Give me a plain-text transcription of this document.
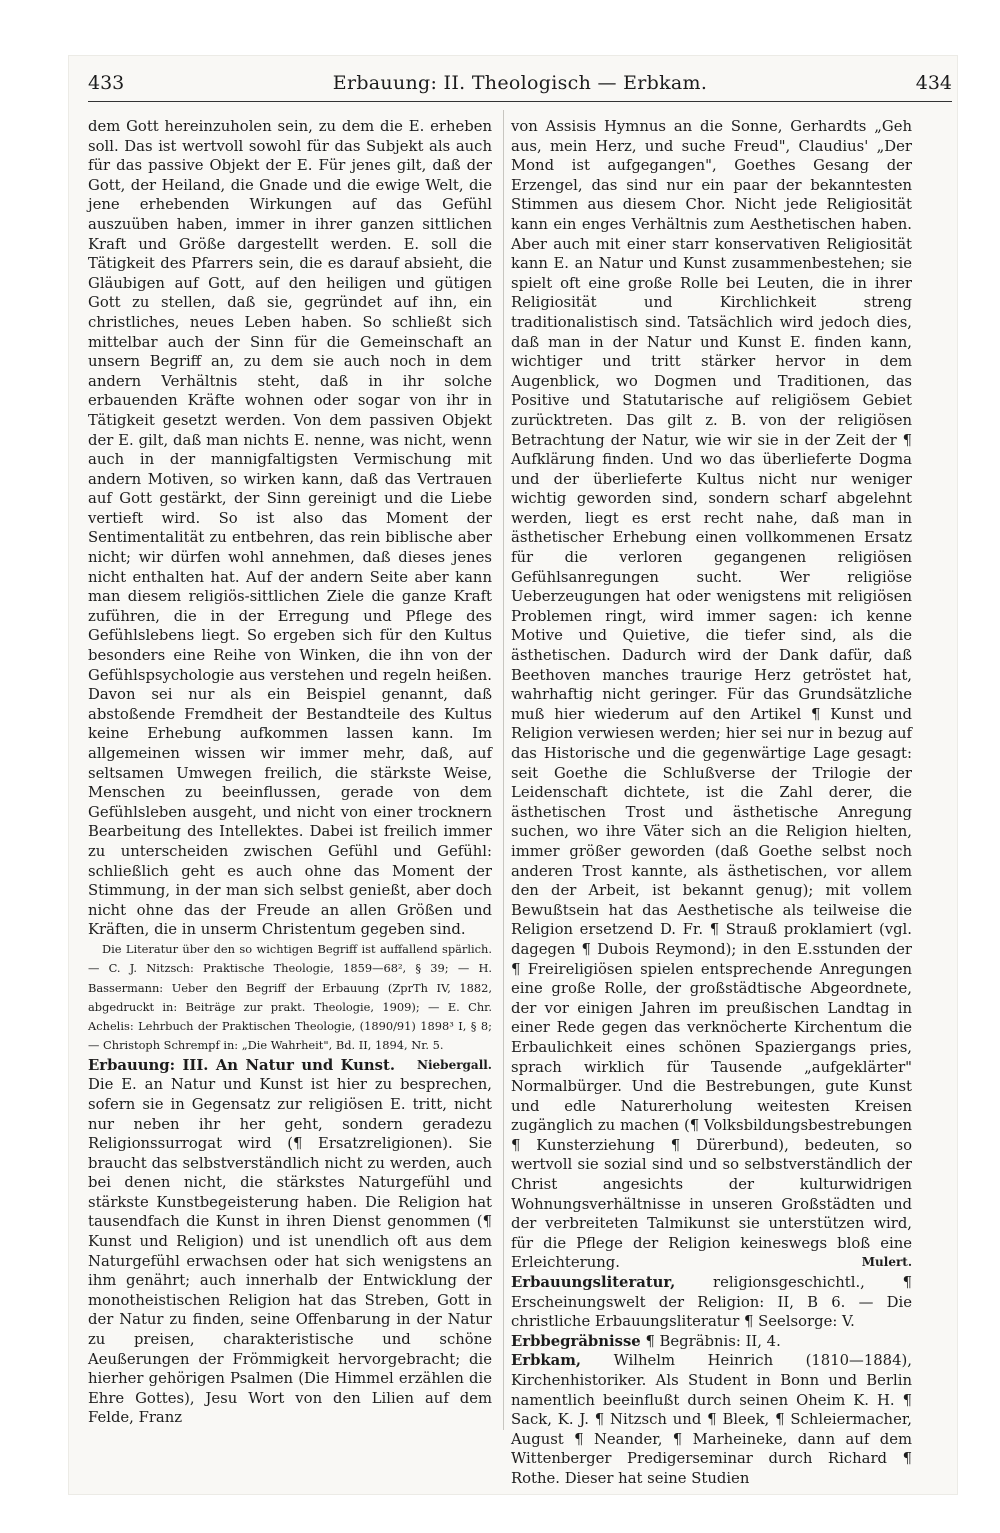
433	Erbauung: II. Theologisch — Erbkam.	434

dem Gott hereinzuholen sein, zu dem die E. erheben soll. Das ist wertvoll sowohl für das Subjekt als auch für das passive Objekt der E. Für jenes gilt, daß der Gott, der Heiland, die Gnade und die ewige Welt, die jene erhebenden Wirkungen auf das Gefühl auszuüben haben, immer in ihrer ganzen sittlichen Kraft und Größe dargestellt werden. E. soll die Tätigkeit des Pfarrers sein, die es darauf absieht, die Gläubigen auf Gott, auf den heiligen und gütigen Gott zu stellen, daß sie, gegründet auf ihn, ein christliches, neues Leben haben. So schließt sich mittelbar auch der Sinn für die Gemeinschaft an unsern Begriff an, zu dem sie auch noch in dem andern Verhältnis steht, daß in ihr solche erbauenden Kräfte wohnen oder sogar von ihr in Tätigkeit gesetzt werden. Von dem passiven Objekt der E. gilt, daß man nichts E. nenne, was nicht, wenn auch in der mannigfaltigsten Vermischung mit andern Motiven, so wirken kann, daß das Vertrauen auf Gott gestärkt, der Sinn gereinigt und die Liebe vertieft wird. So ist also das Moment der Sentimentalität zu entbehren, das rein biblische aber nicht; wir dürfen wohl annehmen, daß dieses jenes nicht enthalten hat. Auf der andern Seite aber kann man diesem religiös-sittlichen Ziele die ganze Kraft zuführen, die in der Erregung und Pflege des Gefühlslebens liegt. So ergeben sich für den Kultus besonders eine Reihe von Winken, die ihn von der Gefühlspsychologie aus verstehen und regeln heißen. Davon sei nur als ein Beispiel genannt, daß abstoßende Fremdheit der Bestandteile des Kultus keine Erhebung aufkommen lassen kann. Im allgemeinen wissen wir immer mehr, daß, auf seltsamen Umwegen freilich, die stärkste Weise, Menschen zu beeinflussen, gerade von dem Gefühlsleben ausgeht, und nicht von einer trocknern Bearbeitung des Intellektes. Dabei ist freilich immer zu unterscheiden zwischen Gefühl und Gefühl: schließlich geht es auch ohne das Moment der Stimmung, in der man sich selbst genießt, aber doch nicht ohne das der Freude an allen Größen und Kräften, die in unserm Christentum gegeben sind.

Die Literatur über den so wichtigen Begriff ist auffallend spärlich. — C. J. Nitzsch: Praktische Theologie, 1859—68², § 39; — H. Bassermann: Ueber den Begriff der Erbauung (ZprTh IV, 1882, abgedruckt in: Beiträge zur prakt. Theologie, 1909); — E. Chr. Achelis: Lehrbuch der Praktischen Theologie, (1890/91) 1898³ I, § 8; — Christoph Schrempf in: „Die Wahrheit", Bd. II, 1894, Nr. 5.
Niebergall.

Erbauung: III. An Natur und Kunst. Die E. an Natur und Kunst ist hier zu besprechen, sofern sie in Gegensatz zur religiösen E. tritt, nicht nur neben ihr her geht, sondern geradezu Religionssurrogat wird (¶ Ersatzreligionen). Sie braucht das selbstverständlich nicht zu werden, auch bei denen nicht, die stärkstes Naturgefühl und stärkste Kunstbegeisterung haben. Die Religion hat tausendfach die Kunst in ihren Dienst genommen (¶ Kunst und Religion) und ist unendlich oft aus dem Naturgefühl erwachsen oder hat sich wenigstens an ihm genährt; auch innerhalb der Entwicklung der monotheistischen Religion hat das Streben, Gott in der Natur zu finden, seine Offenbarung in der Natur zu preisen, charakteristische und schöne Aeußerungen der Frömmigkeit hervorgebracht; die hierher gehörigen Psalmen (Die Himmel erzählen die Ehre Gottes), Jesu Wort von den Lilien auf dem Felde, Franz

von Assisis Hymnus an die Sonne, Gerhardts „Geh aus, mein Herz, und suche Freud", Claudius' „Der Mond ist aufgegangen", Goethes Gesang der Erzengel, das sind nur ein paar der bekanntesten Stimmen aus diesem Chor. Nicht jede Religiosität kann ein enges Verhältnis zum Aesthetischen haben. Aber auch mit einer starr konservativen Religiosität kann E. an Natur und Kunst zusammenbestehen; sie spielt oft eine große Rolle bei Leuten, die in ihrer Religiosität und Kirchlichkeit streng traditionalistisch sind. Tatsächlich wird jedoch dies, daß man in der Natur und Kunst E. finden kann, wichtiger und tritt stärker hervor in dem Augenblick, wo Dogmen und Traditionen, das Positive und Statutarische auf religiösem Gebiet zurücktreten. Das gilt z. B. von der religiösen Betrachtung der Natur, wie wir sie in der Zeit der ¶ Aufklärung finden. Und wo das überlieferte Dogma und der überlieferte Kultus nicht nur weniger wichtig geworden sind, sondern scharf abgelehnt werden, liegt es erst recht nahe, daß man in ästhetischer Erhebung einen vollkommenen Ersatz für die verloren gegangenen religiösen Gefühlsanregungen sucht. Wer religiöse Ueberzeugungen hat oder wenigstens mit religiösen Problemen ringt, wird immer sagen: ich kenne Motive und Quietive, die tiefer sind, als die ästhetischen. Dadurch wird der Dank dafür, daß Beethoven manches traurige Herz getröstet hat, wahrhaftig nicht geringer. Für das Grundsätzliche muß hier wiederum auf den Artikel ¶ Kunst und Religion verwiesen werden; hier sei nur in bezug auf das Historische und die gegenwärtige Lage gesagt: seit Goethe die Schlußverse der Trilogie der Leidenschaft dichtete, ist die Zahl derer, die ästhetischen Trost und ästhetische Anregung suchen, wo ihre Väter sich an die Religion hielten, immer größer geworden (daß Goethe selbst noch anderen Trost kannte, als ästhetischen, vor allem den der Arbeit, ist bekannt genug); mit vollem Bewußtsein hat das Aesthetische als teilweise die Religion ersetzend D. Fr. ¶ Strauß proklamiert (vgl. dagegen ¶ Dubois Reymond); in den E.sstunden der ¶ Freireligiösen spielen entsprechende Anregungen eine große Rolle, der großstädtische Abgeordnete, der vor einigen Jahren im preußischen Landtag in einer Rede gegen das verknöcherte Kirchentum die Erbaulichkeit eines schönen Spaziergangs pries, sprach wirklich für Tausende „aufgeklärter" Normalbürger. Und die Bestrebungen, gute Kunst und edle Naturerholung weitesten Kreisen zugänglich zu machen (¶ Volksbildungsbestrebungen ¶ Kunsterziehung ¶ Dürerbund), bedeuten, so wertvoll sie sozial sind und so selbstverständlich der Christ angesichts der kulturwidrigen Wohnungsverhältnisse in unseren Großstädten und der verbreiteten Talmikunst sie unterstützen wird, für die Pflege der Religion keineswegs bloß eine Erleichterung.	Mulert.

Erbauungsliteratur,	religionsgeschichtl., ¶ Erscheinungswelt der Religion: II, B 6. — Die christliche Erbauungsliteratur ¶ Seelsorge: V.

Erbbegräbnisse ¶ Begräbnis: II, 4.

Erbkam, Wilhelm Heinrich (1810—1884), Kirchenhistoriker. Als Student in Bonn und Berlin namentlich beeinflußt durch seinen Oheim K. H. ¶ Sack, K. J. ¶ Nitzsch und ¶ Bleek, ¶ Schleiermacher, August ¶ Neander, ¶ Marheineke, dann auf dem Wittenberger Predigerseminar durch Richard ¶ Rothe. Dieser hat seine Studien
